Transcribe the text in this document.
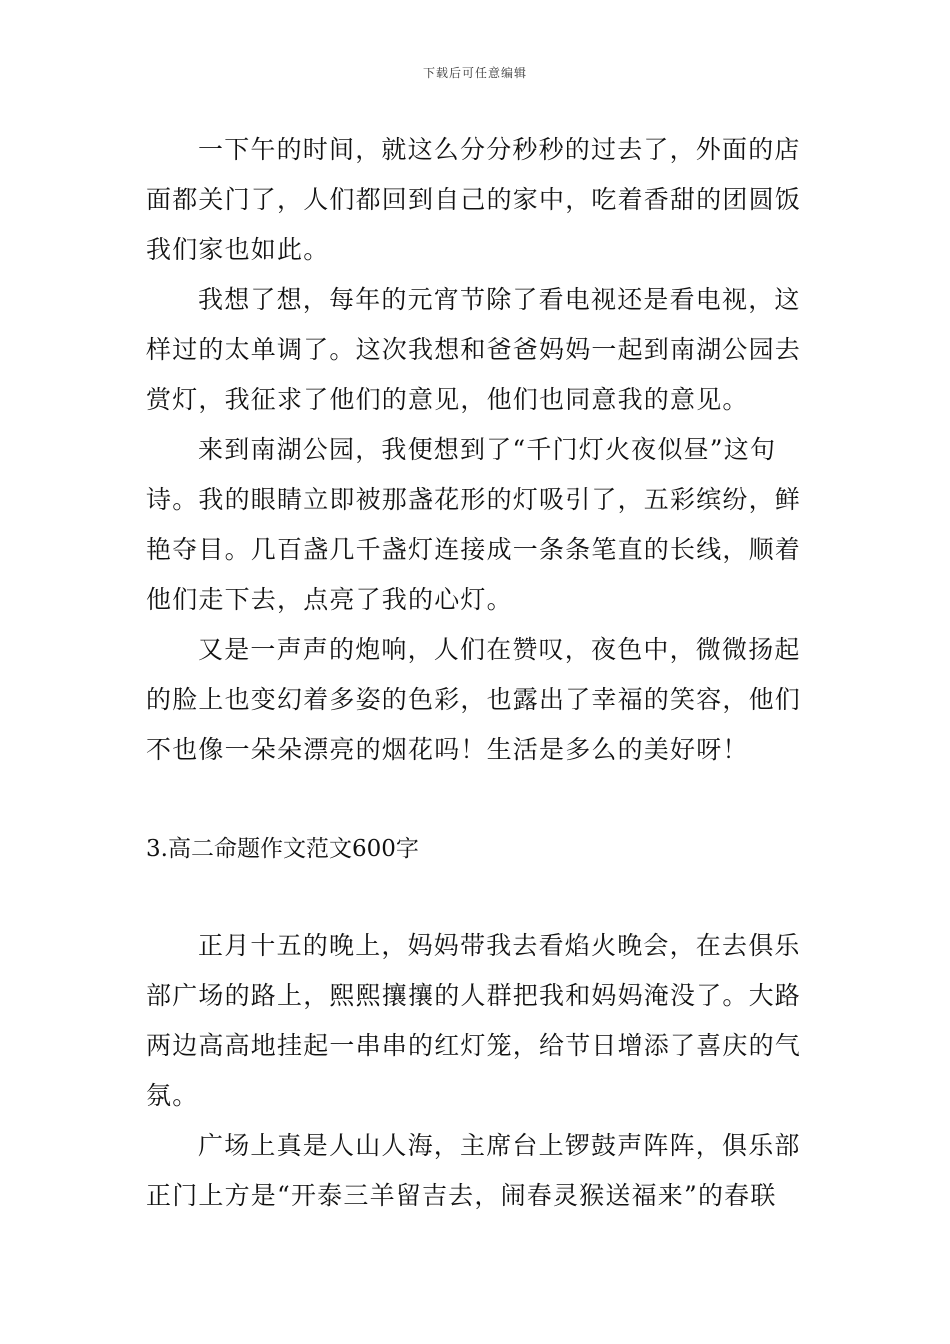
下载后可任意编辑
一下午的时间，就这么分分秒秒的过去了，外面的店
面都关门了，人们都回到自己的家中，吃着香甜的团圆饭
我们家也如此。
我想了想，每年的元宵节除了看电视还是看电视，这
样过的太单调了。这次我想和爸爸妈妈一起到南湖公园去
赏灯，我征求了他们的意见，他们也同意我的意见。
来到南湖公园，我便想到了“千门灯火夜似昼”这句
诗。我的眼睛立即被那盏花形的灯吸引了，五彩缤纷，鲜
艳夺目。几百盏几千盏灯连接成一条条笔直的长线，顺着
他们走下去，点亮了我的心灯。
又是一声声的炮响，人们在赞叹，夜色中，微微扬起
的脸上也变幻着多姿的色彩，也露出了幸福的笑容，他们
不也像一朵朵漂亮的烟花吗！生活是多么的美好呀！
3.高二命题作文范文600字
正月十五的晚上，妈妈带我去看焰火晚会，在去俱乐
部广场的路上，熙熙攘攘的人群把我和妈妈淹没了。大路
两边高高地挂起一串串的红灯笼，给节日增添了喜庆的气
氛。
广场上真是人山人海，主席台上锣鼓声阵阵，俱乐部
正门上方是“开泰三羊留吉去，闹春灵猴送福来”的春联
